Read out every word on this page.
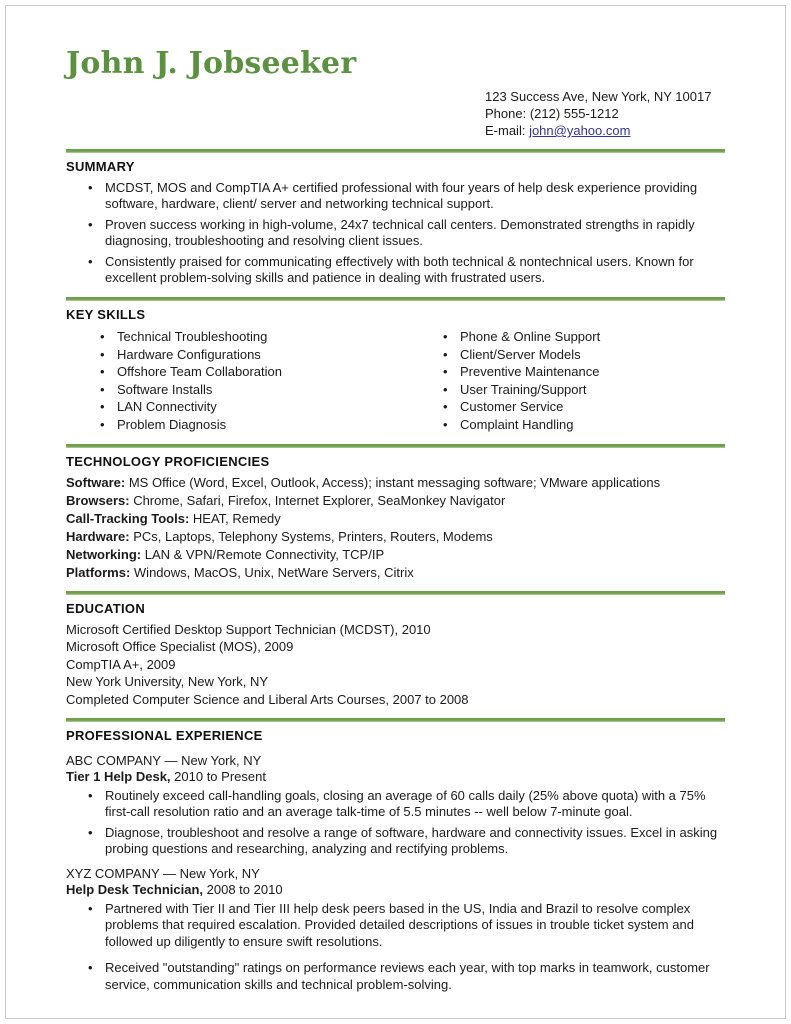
John J. Jobseeker
123 Success Ave, New York, NY 10017
Phone: (212) 555-1212
E-mail: john@yahoo.com
SUMMARY
• MCDST, MOS and CompTIA A+ certified professional with four years of help desk experience providing software, hardware, client/ server and networking technical support.
• Proven success working in high-volume, 24x7 technical call centers. Demonstrated strengths in rapidly diagnosing, troubleshooting and resolving client issues.
• Consistently praised for communicating effectively with both technical & nontechnical users. Known for excellent problem-solving skills and patience in dealing with frustrated users.
KEY SKILLS
• Technical Troubleshooting
• Hardware Configurations
• Offshore Team Collaboration
• Software Installs
• LAN Connectivity
• Problem Diagnosis
• Phone & Online Support
• Client/Server Models
• Preventive Maintenance
• User Training/Support
• Customer Service
• Complaint Handling
TECHNOLOGY PROFICIENCIES
Software: MS Office (Word, Excel, Outlook, Access); instant messaging software; VMware applications
Browsers: Chrome, Safari, Firefox, Internet Explorer, SeaMonkey Navigator
Call-Tracking Tools: HEAT, Remedy
Hardware: PCs, Laptops, Telephony Systems, Printers, Routers, Modems
Networking: LAN & VPN/Remote Connectivity, TCP/IP
Platforms: Windows, MacOS, Unix, NetWare Servers, Citrix
EDUCATION
Microsoft Certified Desktop Support Technician (MCDST), 2010
Microsoft Office Specialist (MOS), 2009
CompTIA A+, 2009
New York University, New York, NY
Completed Computer Science and Liberal Arts Courses, 2007 to 2008
PROFESSIONAL EXPERIENCE
ABC COMPANY — New York, NY
Tier 1 Help Desk, 2010 to Present
• Routinely exceed call-handling goals, closing an average of 60 calls daily (25% above quota) with a 75% first-call resolution ratio and an average talk-time of 5.5 minutes -- well below 7-minute goal.
• Diagnose, troubleshoot and resolve a range of software, hardware and connectivity issues. Excel in asking probing questions and researching, analyzing and rectifying problems.
XYZ COMPANY — New York, NY
Help Desk Technician, 2008 to 2010
• Partnered with Tier II and Tier III help desk peers based in the US, India and Brazil to resolve complex problems that required escalation. Provided detailed descriptions of issues in trouble ticket system and followed up diligently to ensure swift resolutions.
• Received "outstanding" ratings on performance reviews each year, with top marks in teamwork, customer service, communication skills and technical problem-solving.
